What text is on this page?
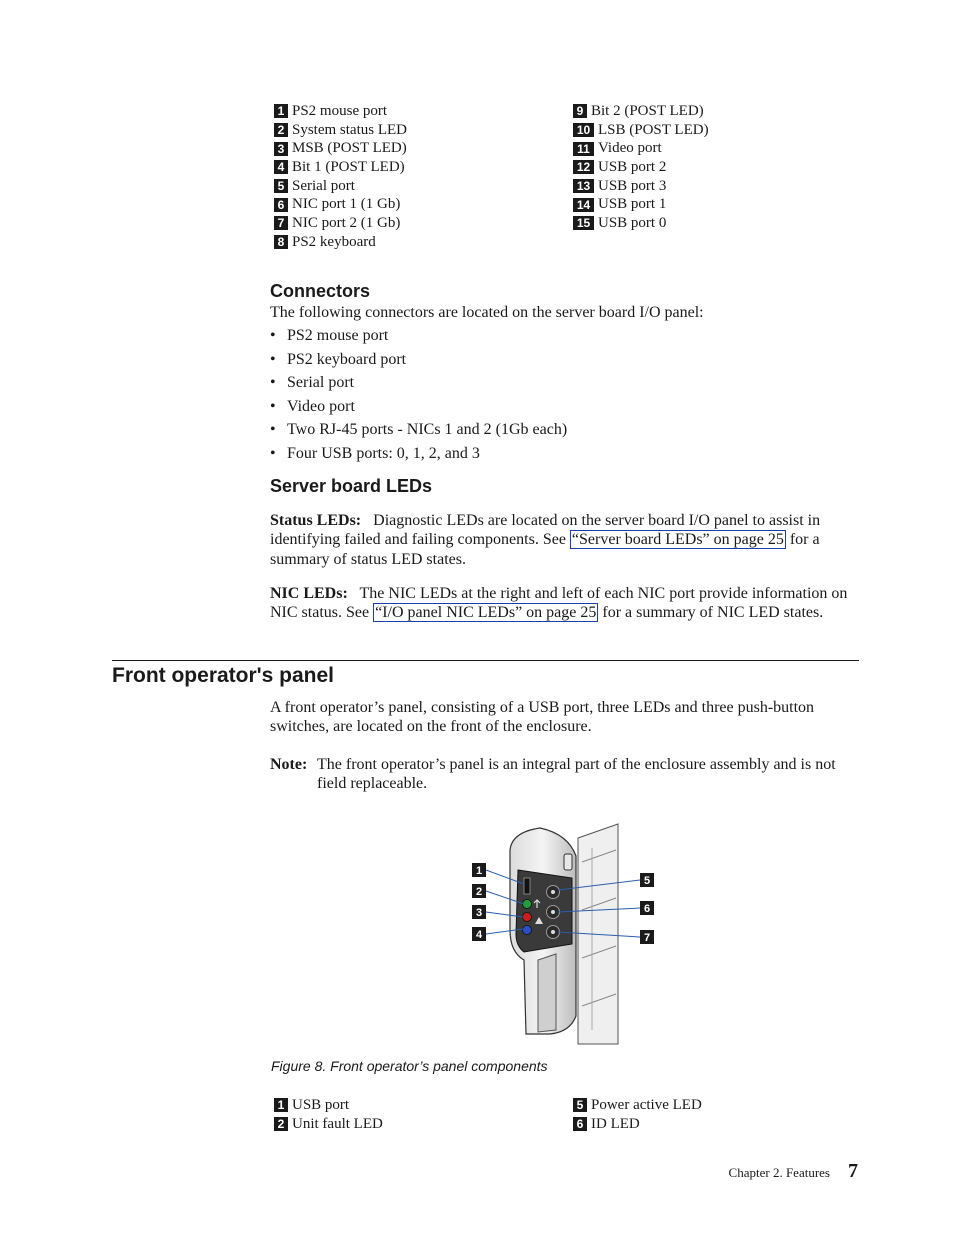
1 PS2 mouse port
2 System status LED
3 MSB (POST LED)
4 Bit 1 (POST LED)
5 Serial port
6 NIC port 1 (1 Gb)
7 NIC port 2 (1 Gb)
8 PS2 keyboard
9 Bit 2 (POST LED)
10 LSB (POST LED)
11 Video port
12 USB port 2
13 USB port 3
14 USB port 1
15 USB port 0
Connectors

The following connectors are located on the server board I/O panel:

• PS2 mouse port
• PS2 keyboard port
• Serial port
• Video port
• Two RJ-45 ports - NICs 1 and 2 (1Gb each)
• Four USB ports: 0, 1, 2, and 3
Server board LEDs

Status LEDs: Diagnostic LEDs are located on the server board I/O panel to assist in identifying failed and failing components. See “Server board LEDs” on page 25 for a summary of status LED states.

NIC LEDs: The NIC LEDs at the right and left of each NIC port provide information on NIC status. See “I/O panel NIC LEDs” on page 25 for a summary of NIC LED states.

Front operator's panel

A front operator’s panel, consisting of a USB port, three LEDs and three push-button switches, are located on the front of the enclosure.

Note: The front operator’s panel is an integral part of the enclosure assembly and is not field replaceable.
1
2
3
4
5
6
7
Figure 8. Front operator’s panel components
1 USB port
2 Unit fault LED
5 Power active LED
6 ID LED
Chapter 2. Features 7
